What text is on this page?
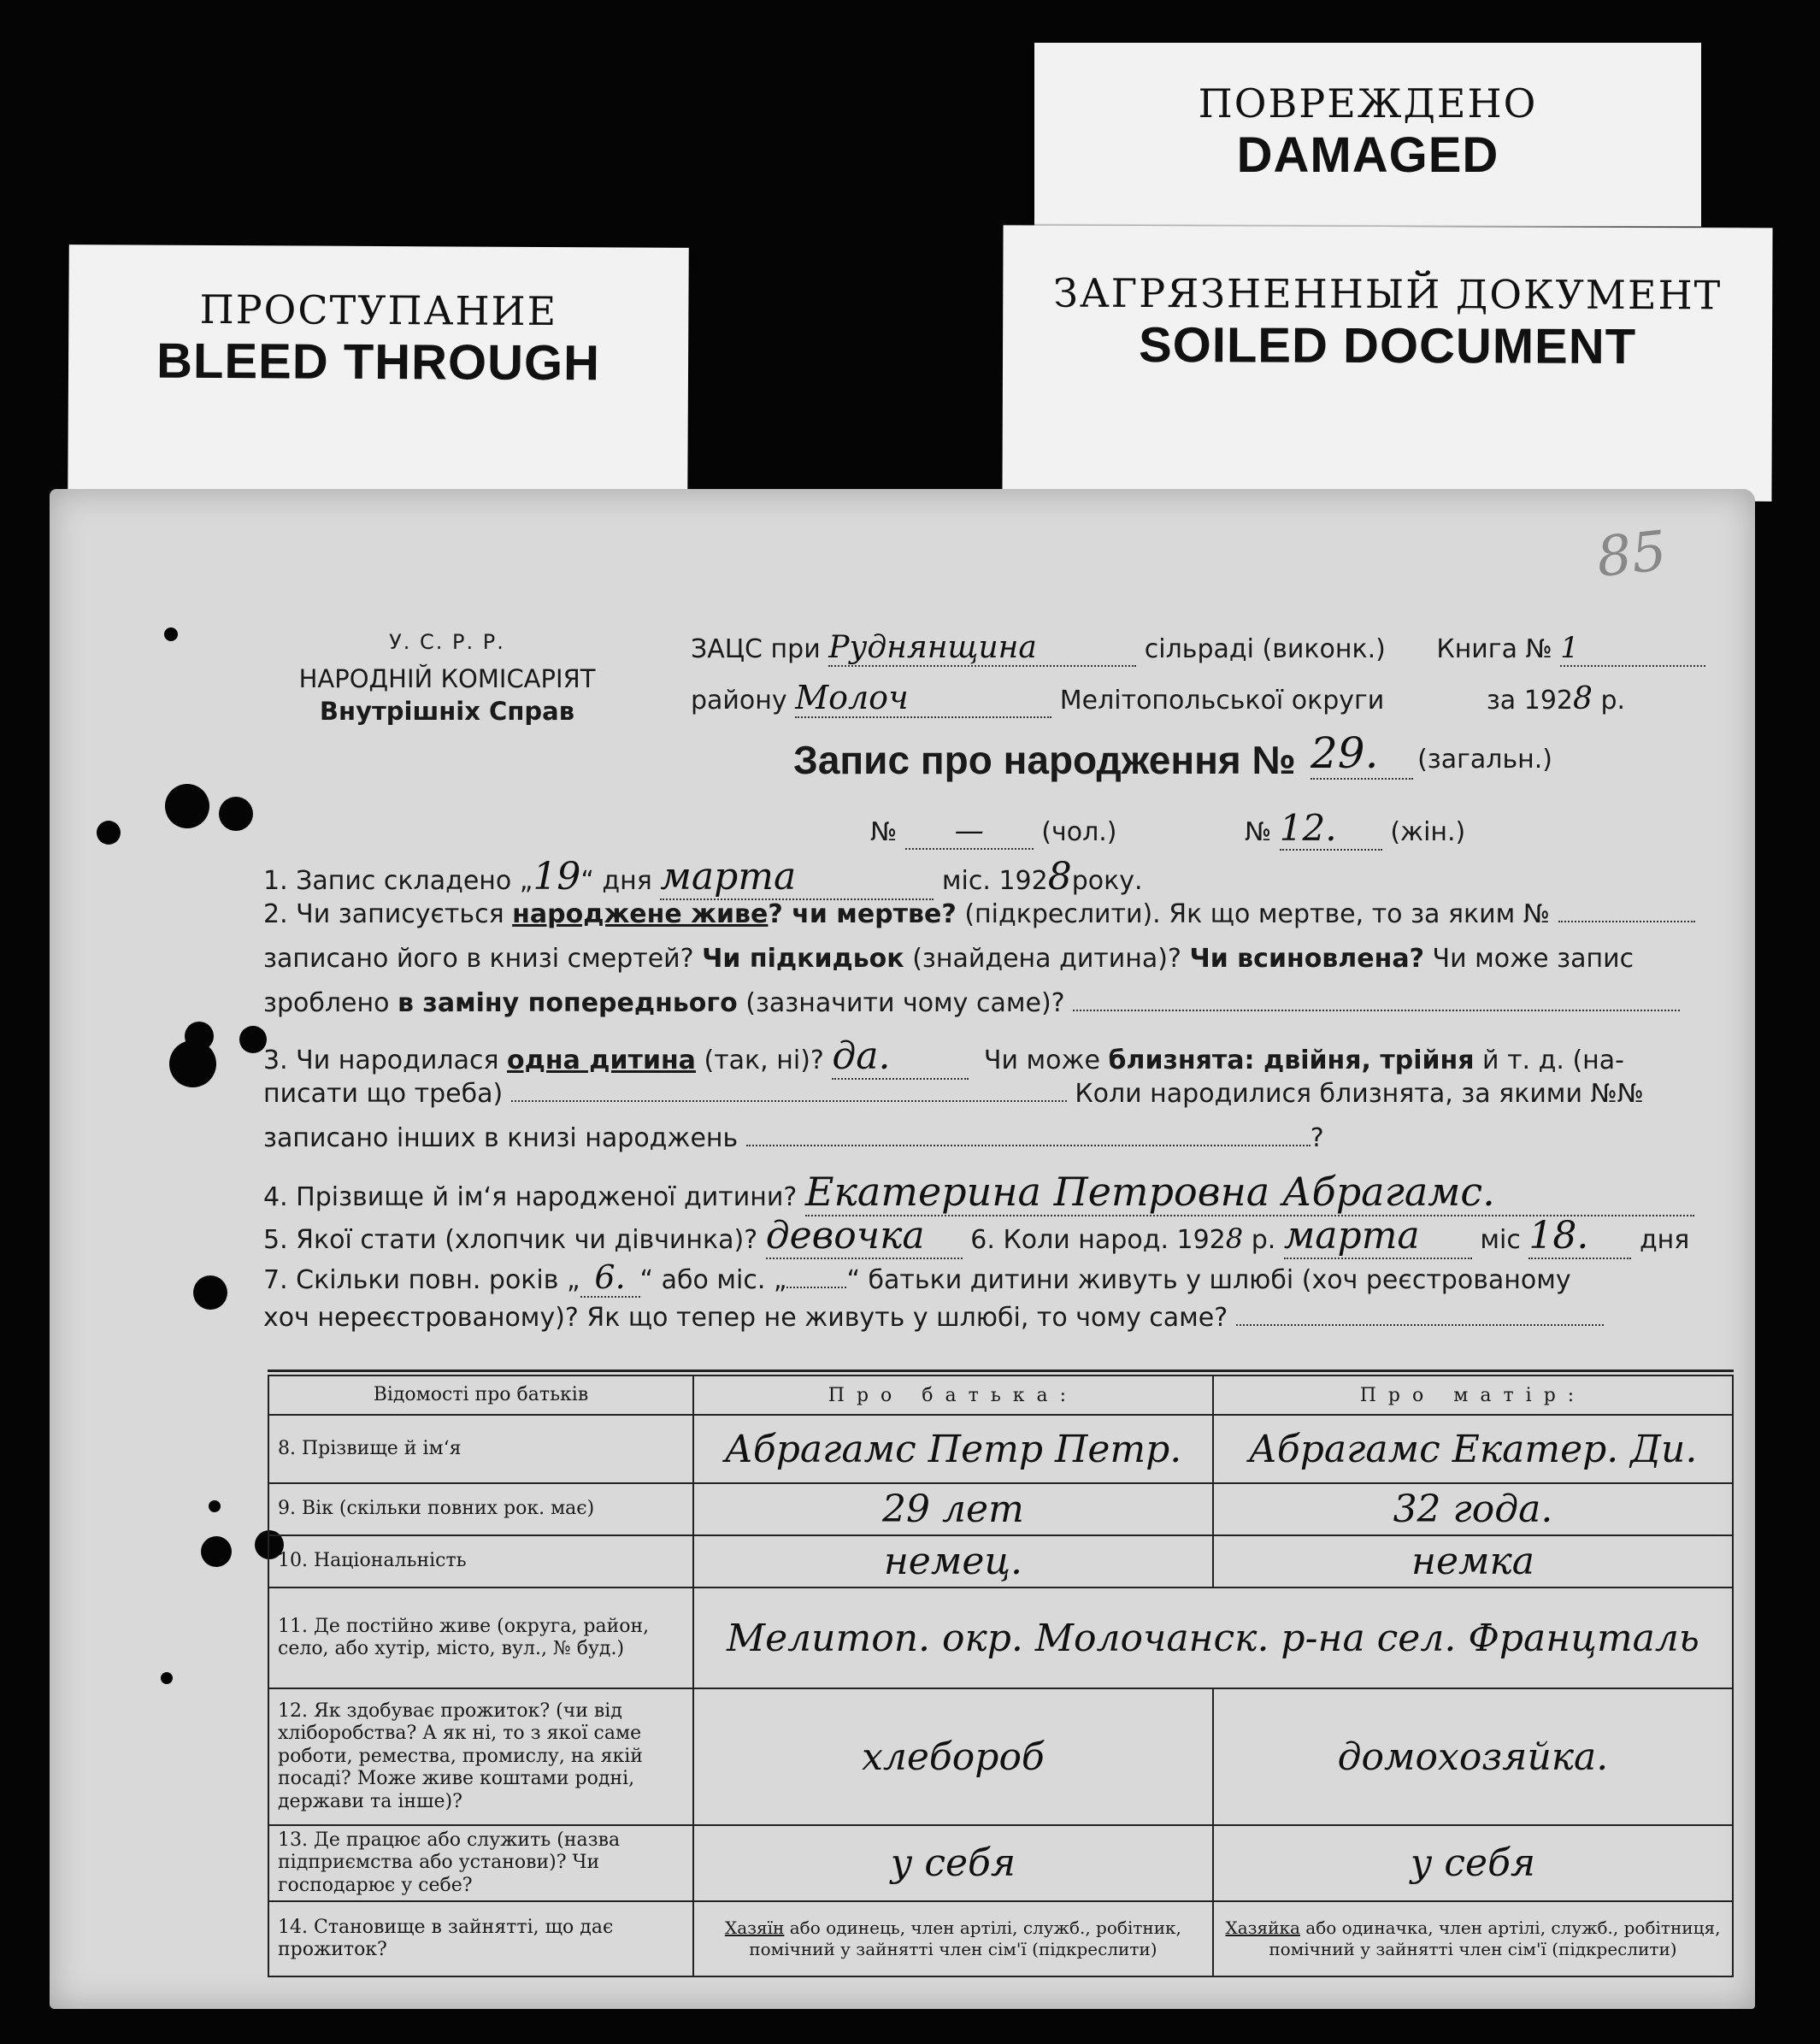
ПРОСТУПАНИЕ
BLEED THROUGH
ПОВРЕЖДЕНО
DAMAGED
ЗАГРЯЗНЕННЫЙ ДОКУМЕНТ
SOILED DOCUMENT
85
У. С. Р. Р.
НАРОДНІЙ КОМІСАРІЯТ
Внутрішніх Справ
ЗАЦС при Руднянщина	сільраді (виконк.) Книга № 1
району Молоч	Мелітопольської округи	за 1928 р.
Запис про народження № 29. (загальн.)
№ — (чол.)	№ 12. (жін.)
1. Запис складено „19“ дня марта	міс. 1928року.
2. Чи записується народжене живе? чи мертве? (підкреслити). Як що мертве, то за яким №
записано його в книзі смертей? Чи підкидьок (знайдена дитина)? Чи всиновлена? Чи може запис
зроблено в заміну попереднього (зазначити чому саме)?
3. Чи народилася одна дитина (так, ні)? да.	Чи може близнята: двійня, трійня й т. д. (на-
писати що треба)	Коли народилися близнята, за якими №№
записано інших в книзі народжень	?
4. Прізвище й ім‘я народженої дитини? Екатерина Петровна Абрагамс.
5. Якої стати (хлопчик чи дівчинка)? девочка 6. Коли народ. 1928 р. марта міс 18. дня
7. Скільки повн. років „ 6. “ або міс. „ “ батьки дитини живуть у шлюбі (хоч реєстрованому
хоч нереєстрованому)? Як що тепер не живуть у шлюбі, то чому саме?
Відомості про батьків	Про батька:	Про матір:
8. Прізвище й ім‘я	Абрагамс Петр Петр.	Абрагамс Екатер. Ди.
9. Вік (скільки повних рок. має)	29 лет	32 года.
10. Національність	немец.	немка
11. Де постійно живе (округа, район, село, або хутір, місто, вул., № буд.)	Мелитоп. окр. Молочанск. р-на сел. Францталь	
12. Як здобуває прожиток? (чи від хліборобства? А як ні, то з якої саме роботи, ремества, промислу, на якій посаді? Може живе коштами родні, держави та інше)?	хлебороб	домохозяйка.
13. Де працює або служить (назва підприємства або установи)? Чи господарює у себе?	у себя	у себя
14. Становище в зайнятті, що дає прожиток?	Хазяїн або одинець, член артілі, служб., робітник, помічний у зайнятті член сім'ї (підкреслити)	Хазяйка або одиначка, член артілі, служб., робітниця, помічний у зайнятті член сім'ї (підкреслити)
